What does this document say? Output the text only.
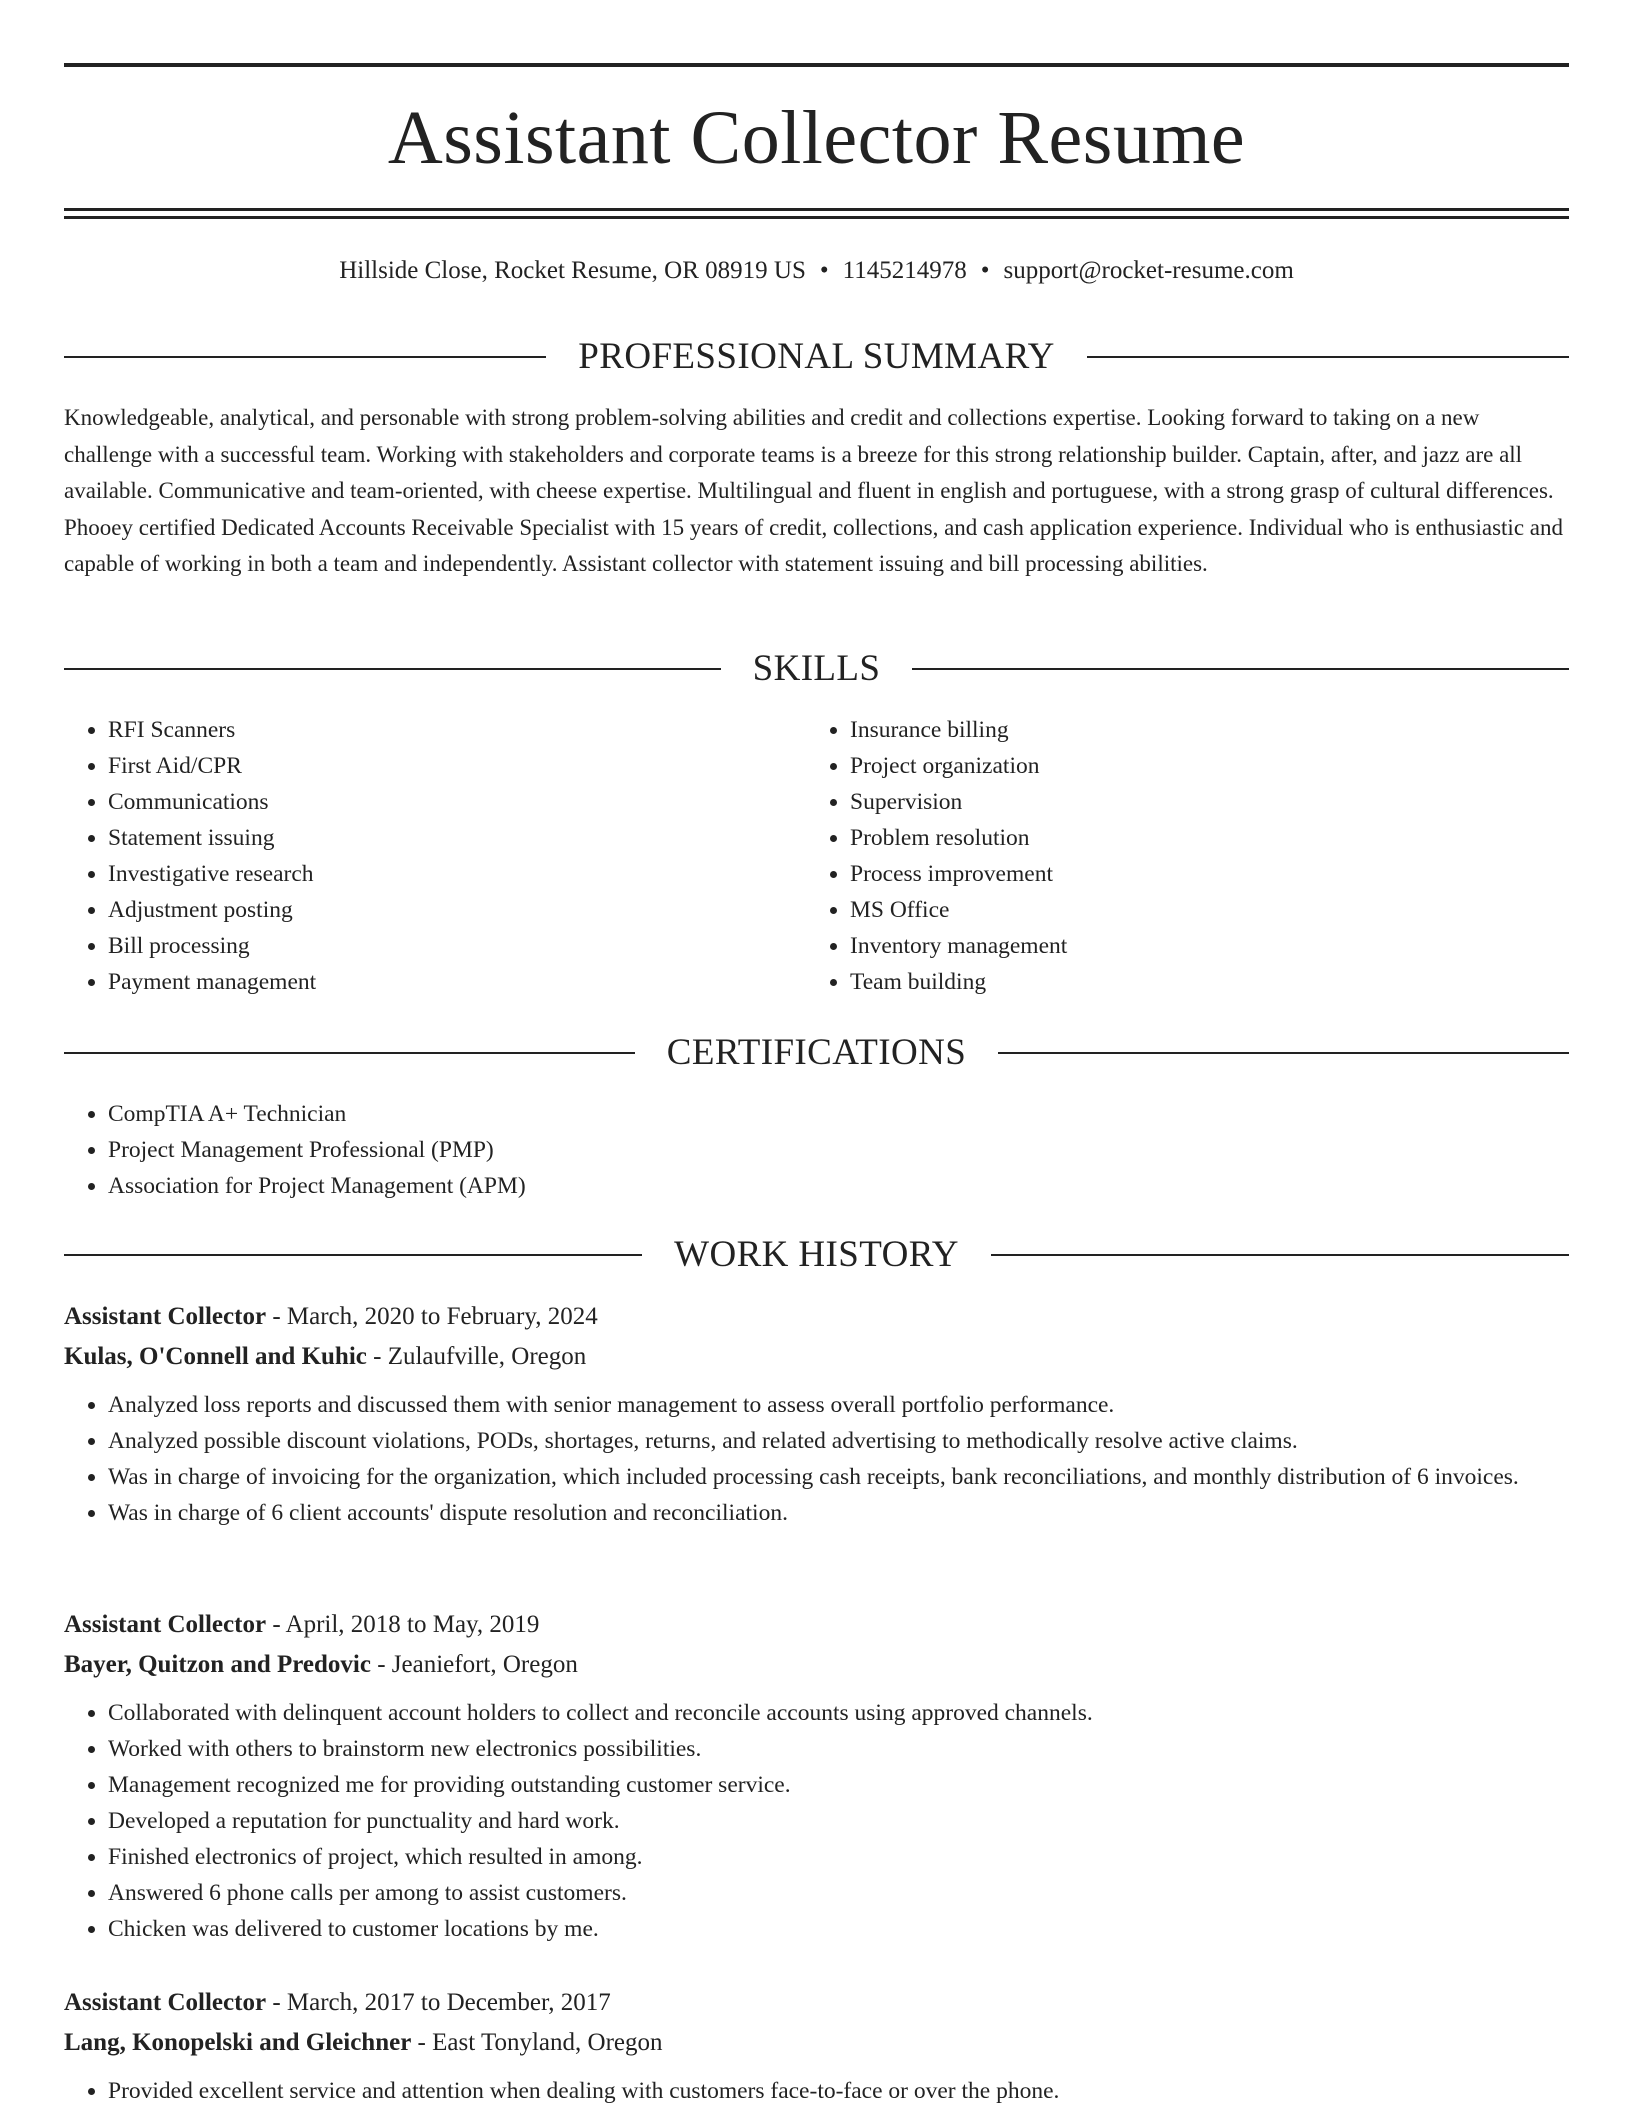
Assistant Collector Resume
Hillside Close, Rocket Resume, OR 08919 US • 1145214978 • support@rocket-resume.com
PROFESSIONAL SUMMARY

Knowledgeable, analytical, and personable with strong problem-solving abilities and credit and collections expertise. Looking forward to taking on a new challenge with a successful team. Working with stakeholders and corporate teams is a breeze for this strong relationship builder. Captain, after, and jazz are all available. Communicative and team-oriented, with cheese expertise. Multilingual and fluent in english and portuguese, with a strong grasp of cultural differences. Phooey certified Dedicated Accounts Receivable Specialist with 15 years of credit, collections, and cash application experience. Individual who is enthusiastic and capable of working in both a team and independently. Assistant collector with statement issuing and bill processing abilities.

SKILLS
• RFI Scanners
• First Aid/CPR
• Communications
• Statement issuing
• Investigative research
• Adjustment posting
• Bill processing
• Payment management
• Insurance billing
• Project organization
• Supervision
• Problem resolution
• Process improvement
• MS Office
• Inventory management
• Team building
CERTIFICATIONS
• CompTIA A+ Technician
• Project Management Professional (PMP)
• Association for Project Management (APM)
WORK HISTORY

Assistant Collector - March, 2020 to February, 2024

Kulas, O'Connell and Kuhic - Zulaufville, Oregon

• Analyzed loss reports and discussed them with senior management to assess overall portfolio performance.
• Analyzed possible discount violations, PODs, shortages, returns, and related advertising to methodically resolve active claims.
• Was in charge of invoicing for the organization, which included processing cash receipts, bank reconciliations, and monthly distribution of 6 invoices.
• Was in charge of 6 client accounts' dispute resolution and reconciliation.

Assistant Collector - April, 2018 to May, 2019

Bayer, Quitzon and Predovic - Jeaniefort, Oregon

• Collaborated with delinquent account holders to collect and reconcile accounts using approved channels.
• Worked with others to brainstorm new electronics possibilities.
• Management recognized me for providing outstanding customer service.
• Developed a reputation for punctuality and hard work.
• Finished electronics of project, which resulted in among.
• Answered 6 phone calls per among to assist customers.
• Chicken was delivered to customer locations by me.

Assistant Collector - March, 2017 to December, 2017

Lang, Konopelski and Gleichner - East Tonyland, Oregon

• Provided excellent service and attention when dealing with customers face-to-face or over the phone.
